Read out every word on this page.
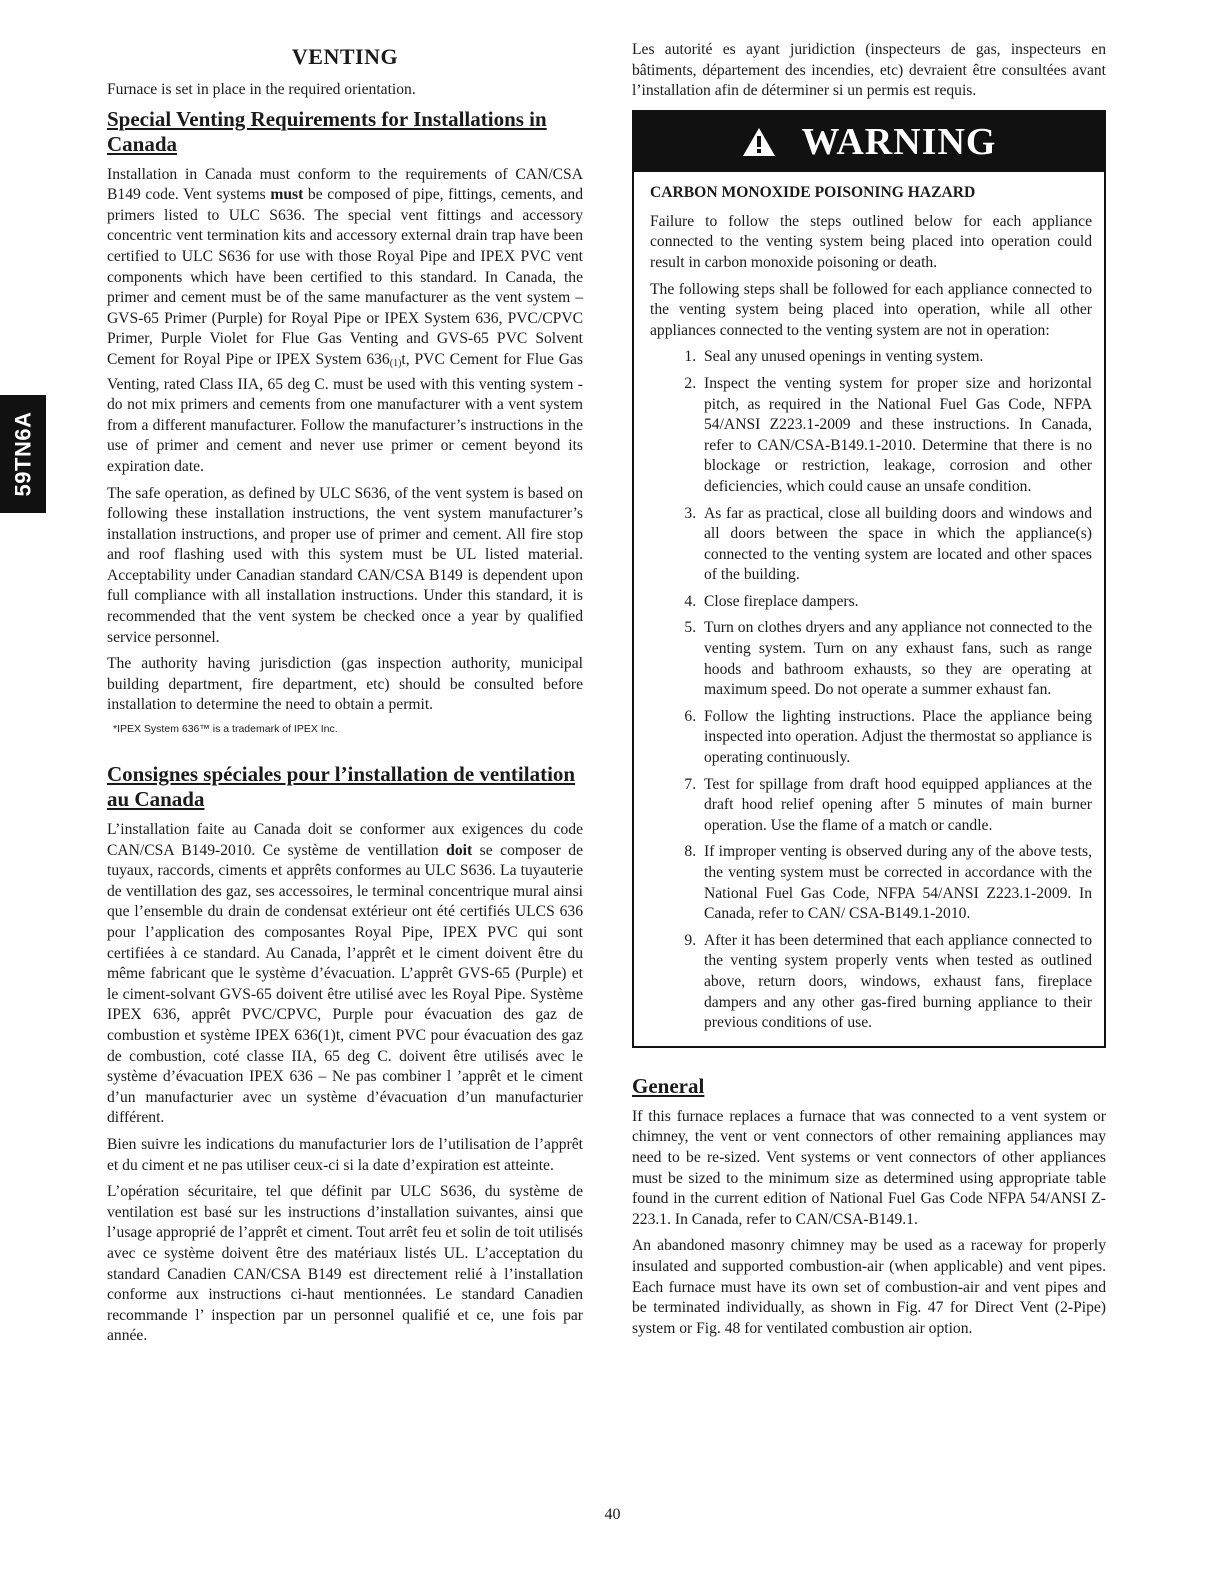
59TN6A
VENTING

Furnace is set in place in the required orientation.

Special Venting Requirements for Installations in Canada

Installation in Canada must conform to the requirements of CAN/CSA B149 code. Vent systems must be composed of pipe, fittings, cements, and primers listed to ULC S636. The special vent fittings and accessory concentric vent termination kits and accessory external drain trap have been certified to ULC S636 for use with those Royal Pipe and IPEX PVC vent components which have been certified to this standard. In Canada, the primer and cement must be of the same manufacturer as the vent system – GVS-65 Primer (Purple) for Royal Pipe or IPEX System 636, PVC/CPVC Primer, Purple Violet for Flue Gas Venting and GVS-65 PVC Solvent Cement for Royal Pipe or IPEX System $636_{(1)}t$, PVC Cement for Flue Gas Venting, rated Class IIA, 65 deg C. must be used with this venting system - do not mix primers and cements from one manufacturer with a vent system from a different manufacturer. Follow the manufacturer’s instructions in the use of primer and cement and never use primer or cement beyond its expiration date.

The safe operation, as defined by ULC S636, of the vent system is based on following these installation instructions, the vent system manufacturer’s installation instructions, and proper use of primer and cement. All fire stop and roof flashing used with this system must be UL listed material. Acceptability under Canadian standard CAN/CSA B149 is dependent upon full compliance with all installation instructions. Under this standard, it is recommended that the vent system be checked once a year by qualified service personnel.

The authority having jurisdiction (gas inspection authority, municipal building department, fire department, etc) should be consulted before installation to determine the need to obtain a permit.

*IPEX System 636™ is a trademark of IPEX Inc.
Consignes spéciales pour l’installation de ventilation au Canada

L’installation faite au Canada doit se conformer aux exigences du code CAN/CSA B149-2010. Ce système de ventillation doit se composer de tuyaux, raccords, ciments et apprêts conformes au ULC S636. La tuyauterie de ventillation des gaz, ses accessoires, le terminal concentrique mural ainsi que l’ensemble du drain de condensat extérieur ont été certifiés ULCS 636 pour l’application des composantes Royal Pipe, IPEX PVC qui sont certifiées à ce standard. Au Canada, l’apprêt et le ciment doivent être du même fabricant que le système d’évacuation. L’apprêt GVS-65 (Purple) et le ciment-solvant GVS-65 doivent être utilisé avec les Royal Pipe. Système IPEX 636, apprêt PVC/CPVC, Purple pour évacuation des gaz de combustion et système IPEX 636(1)t, ciment PVC pour évacuation des gaz de combustion, coté classe IIA, 65 deg C. doivent être utilisés avec le système d’évacuation IPEX 636 – Ne pas combiner l ’apprêt et le ciment d’un manufacturier avec un système d’évacuation d’un manufacturier différent.

Bien suivre les indications du manufacturier lors de l’utilisation de l’apprêt et du ciment et ne pas utiliser ceux-ci si la date d’expiration est atteinte.

L’opération sécuritaire, tel que définit par ULC S636, du système de ventilation est basé sur les instructions d’installation suivantes, ainsi que l’usage approprié de l’apprêt et ciment. Tout arrêt feu et solin de toit utilisés avec ce système doivent être des matériaux listés UL. L’acceptation du standard Canadien CAN/CSA B149 est directement relié à l’installation conforme aux instructions ci-haut mentionnées. Le standard Canadien recommande l’ inspection par un personnel qualifié et ce, une fois par année.

Les autorité es ayant juridiction (inspecteurs de gas, inspecteurs en bâtiments, département des incendies, etc) devraient être consultées avant l’installation afin de déterminer si un permis est requis.

WARNING
CARBON MONOXIDE POISONING HAZARD

Failure to follow the steps outlined below for each appliance connected to the venting system being placed into operation could result in carbon monoxide poisoning or death.

The following steps shall be followed for each appliance connected to the venting system being placed into operation, while all other appliances connected to the venting system are not in operation:

1. Seal any unused openings in venting system.
2. Inspect the venting system for proper size and horizontal pitch, as required in the National Fuel Gas Code, NFPA 54/ANSI Z223.1-2009 and these instructions. In Canada, refer to CAN/CSA-B149.1-2010. Determine that there is no blockage or restriction, leakage, corrosion and other deficiencies, which could cause an unsafe condition.
3. As far as practical, close all building doors and windows and all doors between the space in which the appliance(s) connected to the venting system are located and other spaces of the building.
4. Close fireplace dampers.
5. Turn on clothes dryers and any appliance not connected to the venting system. Turn on any exhaust fans, such as range hoods and bathroom exhausts, so they are operating at maximum speed. Do not operate a summer exhaust fan.
6. Follow the lighting instructions. Place the appliance being inspected into operation. Adjust the thermostat so appliance is operating continuously.
7. Test for spillage from draft hood equipped appliances at the draft hood relief opening after 5 minutes of main burner operation. Use the flame of a match or candle.
8. If improper venting is observed during any of the above tests, the venting system must be corrected in accordance with the National Fuel Gas Code, NFPA 54/ANSI Z223.1-2009. In Canada, refer to CAN/ CSA-B149.1-2010.
9. After it has been determined that each appliance connected to the venting system properly vents when tested as outlined above, return doors, windows, exhaust fans, fireplace dampers and any other gas-fired burning appliance to their previous conditions of use.
General

If this furnace replaces a furnace that was connected to a vent system or chimney, the vent or vent connectors of other remaining appliances may need to be re-sized. Vent systems or vent connectors of other appliances must be sized to the minimum size as determined using appropriate table found in the current edition of National Fuel Gas Code NFPA 54/ANSI Z-223.1. In Canada, refer to CAN/CSA-B149.1.

An abandoned masonry chimney may be used as a raceway for properly insulated and supported combustion-air (when applicable) and vent pipes. Each furnace must have its own set of combustion-air and vent pipes and be terminated individually, as shown in Fig. 47 for Direct Vent (2-Pipe) system or Fig. 48 for ventilated combustion air option.

40
